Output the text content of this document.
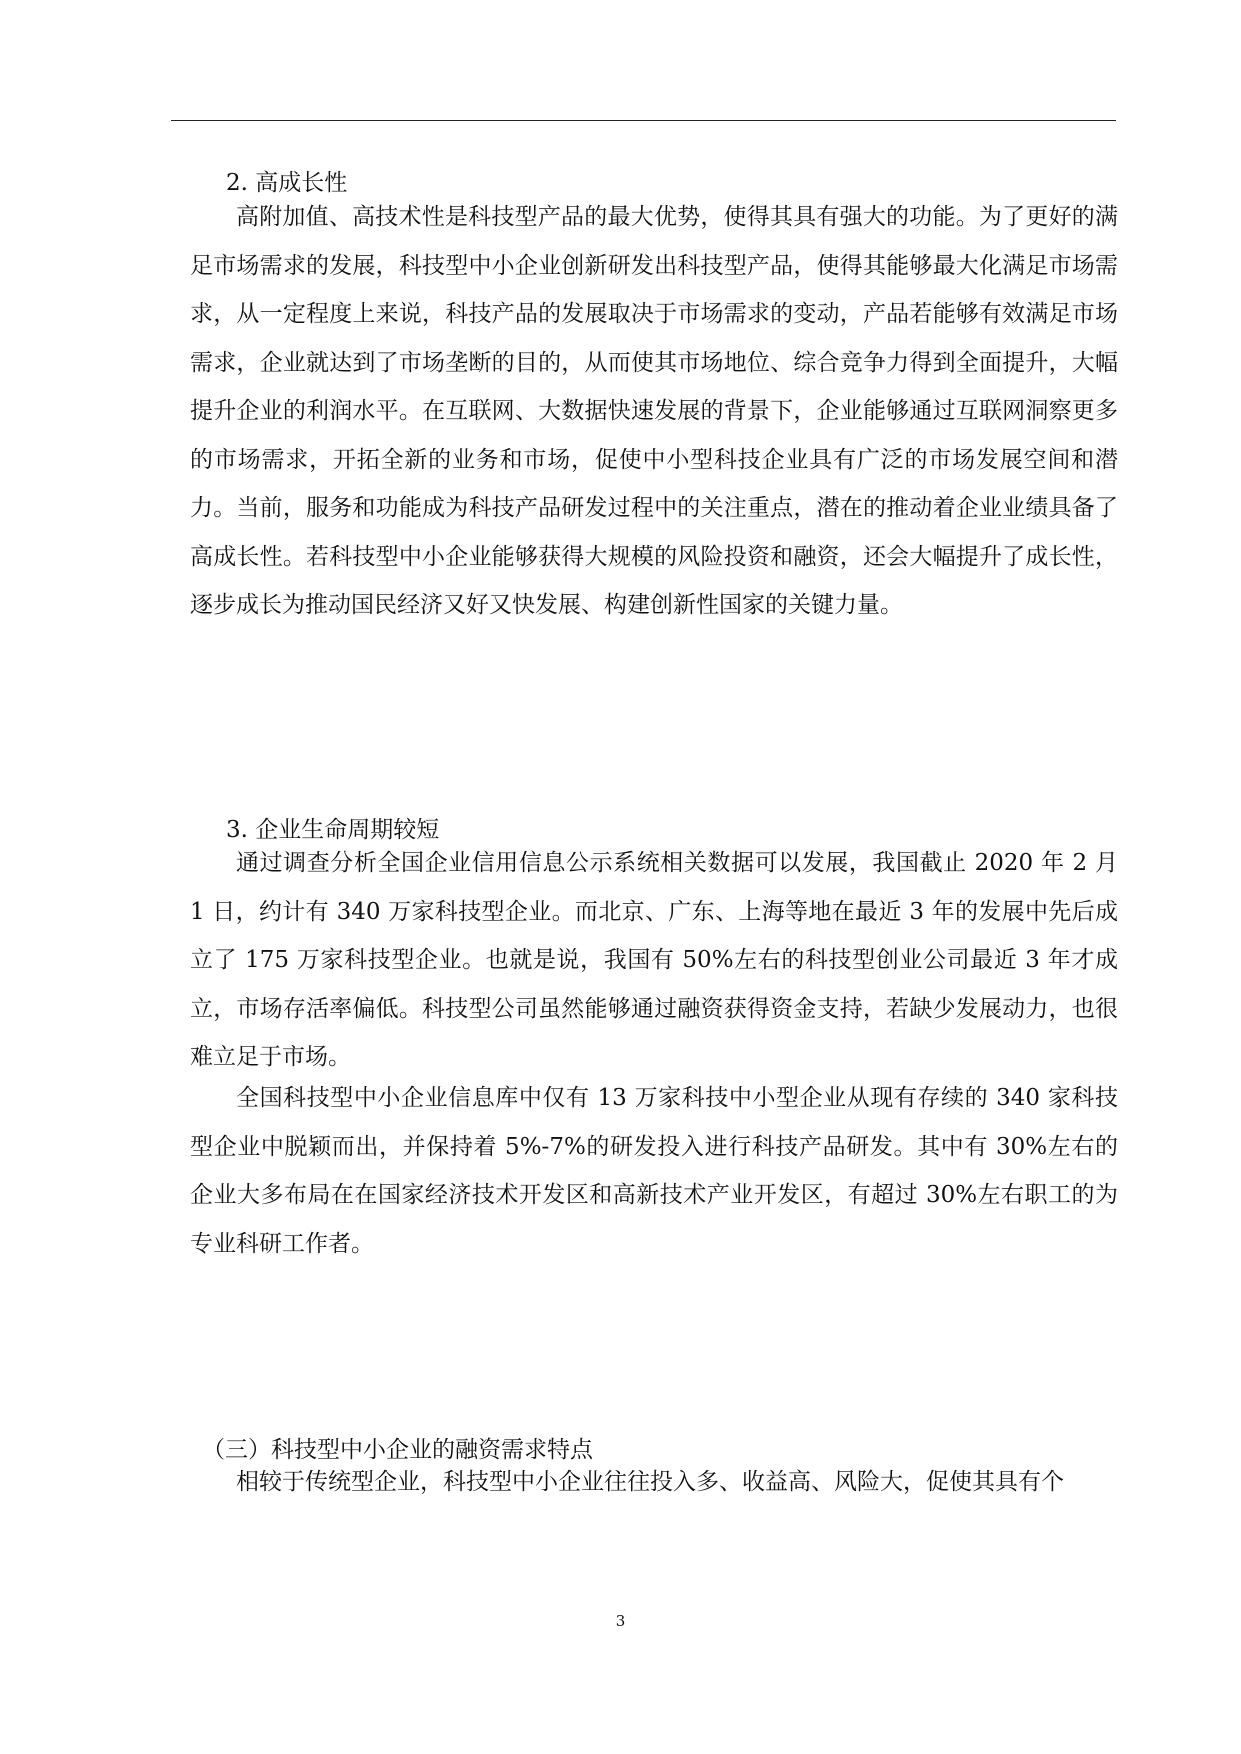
2. 高成长性

高附加值、高技术性是科技型产品的最大优势，使得其具有强大的功能。为了更好的满足市场需求的发展，科技型中小企业创新研发出科技型产品，使得其能够最大化满足市场需求，从一定程度上来说，科技产品的发展取决于市场需求的变动，产品若能够有效满足市场需求，企业就达到了市场垄断的目的，从而使其市场地位、综合竞争力得到全面提升，大幅提升企业的利润水平。在互联网、大数据快速发展的背景下，企业能够通过互联网洞察更多的市场需求，开拓全新的业务和市场，促使中小型科技企业具有广泛的市场发展空间和潜力。当前，服务和功能成为科技产品研发过程中的关注重点，潜在的推动着企业业绩具备了高成长性。若科技型中小企业能够获得大规模的风险投资和融资，还会大幅提升了成长性，逐步成长为推动国民经济又好又快发展、构建创新性国家的关键力量。

3. 企业生命周期较短

通过调查分析全国企业信用信息公示系统相关数据可以发展，我国截止 2020 年 2 月 1 日，约计有 340 万家科技型企业。而北京、广东、上海等地在最近 3 年的发展中先后成立了 175 万家科技型企业。也就是说，我国有 50%左右的科技型创业公司最近 3 年才成立，市场存活率偏低。科技型公司虽然能够通过融资获得资金支持，若缺少发展动力，也很难立足于市场。

全国科技型中小企业信息库中仅有 13 万家科技中小型企业从现有存续的 340 家科技型企业中脱颖而出，并保持着 5%-7%的研发投入进行科技产品研发。其中有 30%左右的企业大多布局在在国家经济技术开发区和高新技术产业开发区，有超过 30%左右职工的为专业科研工作者。

（三）科技型中小企业的融资需求特点

相较于传统型企业，科技型中小企业往往投入多、收益高、风险大，促使其具有个

3
